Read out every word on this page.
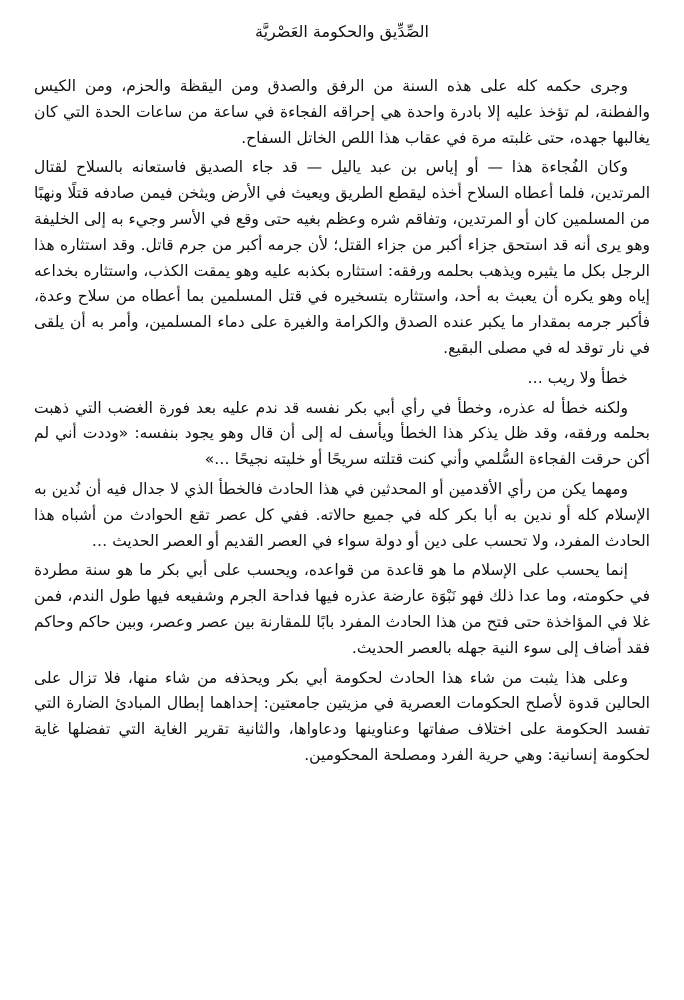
الصِّدِّيق والحكومة العَصْريَّة

وجرى حكمه كله على هذه السنة من الرفق والصدق ومن اليقظة والحزم، ومن الكيس والفطنة، لم تؤخذ عليه إلا بادرة واحدة هي إحراقه الفجاءة في ساعة من ساعات الحدة التي كان يغالبها جهده، حتى غلبته مرة في عقاب هذا اللص الخاتل السفاح.

وكان الفُجاءة هذا — أو إياس بن عبد ياليل — قد جاء الصديق فاستعانه بالسلاح لقتال المرتدين، فلما أعطاه السلاح أخذه ليقطع الطريق ويعيث في الأرض ويثخن فيمن صادفه قتلًا ونهبًا من المسلمين كان أو المرتدين، وتفاقم شره وعظم بغيه حتى وقع في الأسر وجيء به إلى الخليفة وهو يرى أنه قد استحق جزاء أكبر من جزاء القتل؛ لأن جرمه أكبر من جرم قاتل. وقد استثاره هذا الرجل بكل ما يثيره ويذهب بحلمه ورفقه: استثاره بكذبه عليه وهو يمقت الكذب، واستثاره بخداعه إياه وهو يكره أن يعبث به أحد، واستثاره بتسخيره في قتل المسلمين بما أعطاه من سلاح وعدة، فأكبر جرمه بمقدار ما يكبر عنده الصدق والكرامة والغيرة على دماء المسلمين، وأمر به أن يلقى في نار توقد له في مصلى البقيع.

خطأ ولا ريب …

ولكنه خطأ له عذره، وخطأ في رأي أبي بكر نفسه قد ندم عليه بعد فورة الغضب التي ذهبت بحلمه ورفقه، وقد ظل يذكر هذا الخطأ ويأسف له إلى أن قال وهو يجود بنفسه: «وددت أني لم أكن حرقت الفجاءة السُّلمي وأني كنت قتلته سريحًا أو خليته نجيحًا …»

ومهما يكن من رأي الأقدمين أو المحدثين في هذا الحادث فالخطأ الذي لا جدال فيه أن نُدين به الإسلام كله أو ندين به أبا بكر كله في جميع حالاته. ففي كل عصر تقع الحوادث من أشباه هذا الحادث المفرد، ولا تحسب على دين أو دولة سواء في العصر القديم أو العصر الحديث …

إنما يحسب على الإسلام ما هو قاعدة من قواعده، ويحسب على أبي بكر ما هو سنة مطردة في حكومته، وما عدا ذلك فهو نَبْوَة عارضة عذره فيها فداحة الجرم وشفيعه فيها طول الندم، فمن غلا في المؤاخذة حتى فتح من هذا الحادث المفرد بابًا للمقارنة بين عصر وعصر، وبين حاكم وحاكم فقد أضاف إلى سوء النية جهله بالعصر الحديث.

وعلى هذا يثبت من شاء هذا الحادث لحكومة أبي بكر ويحذفه من شاء منها، فلا تزال على الحالين قدوة لأصلح الحكومات العصرية في مزيتين جامعتين: إحداهما إبطال المبادئ الضارة التي تفسد الحكومة على اختلاف صفاتها وعناوينها ودعاواها، والثانية تقرير الغاية التي تفضلها غاية لحكومة إنسانية: وهي حرية الفرد ومصلحة المحكومين.
